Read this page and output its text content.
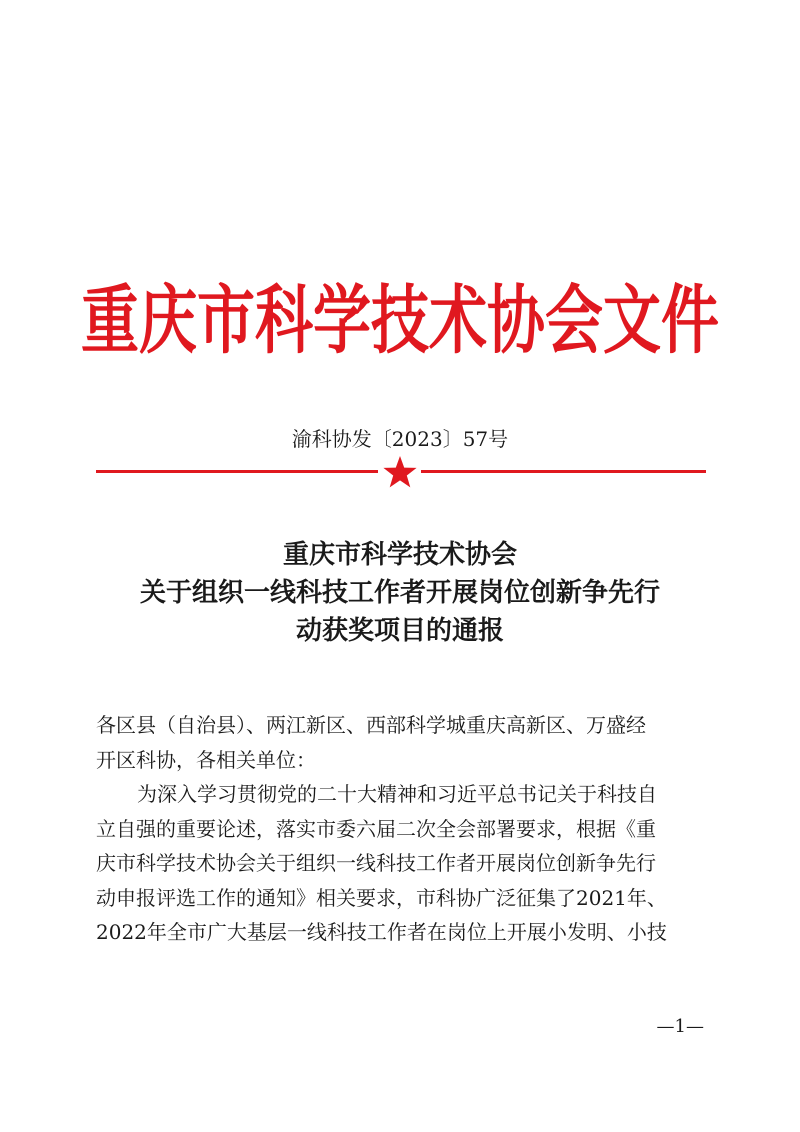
重庆市科学技术协会文件
渝科协发〔2023〕57号
重庆市科学技术协会
关于组织一线科技工作者开展岗位创新争先行
动获奖项目的通报
各区县（自治县）、两江新区、西部科学城重庆高新区、万盛经
开区科协，各相关单位：
为深入学习贯彻党的二十大精神和习近平总书记关于科技自
立自强的重要论述，落实市委六届二次全会部署要求，根据《重
庆市科学技术协会关于组织一线科技工作者开展岗位创新争先行
动申报评选工作的通知》相关要求，市科协广泛征集了2021年、
2022年全市广大基层一线科技工作者在岗位上开展小发明、小技
—1—
